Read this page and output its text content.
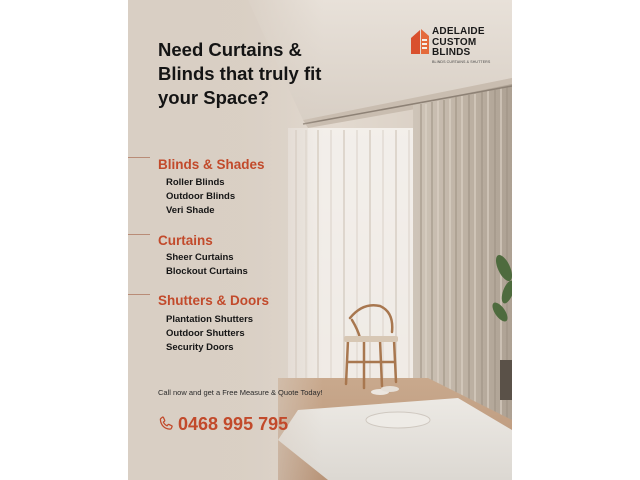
Need Curtains & Blinds that truly fit your Space?
ADELAIDE
CUSTOM
BLINDS
BLINDS CURTAINS & SHUTTERS
Blinds & Shades
Roller Blinds
Outdoor Blinds
Veri Shade
Curtains
Sheer Curtains
Blockout Curtains
Shutters & Doors
Plantation Shutters
Outdoor Shutters
Security Doors

Call now and get a Free Measure & Quote Today!

0468 995 795
